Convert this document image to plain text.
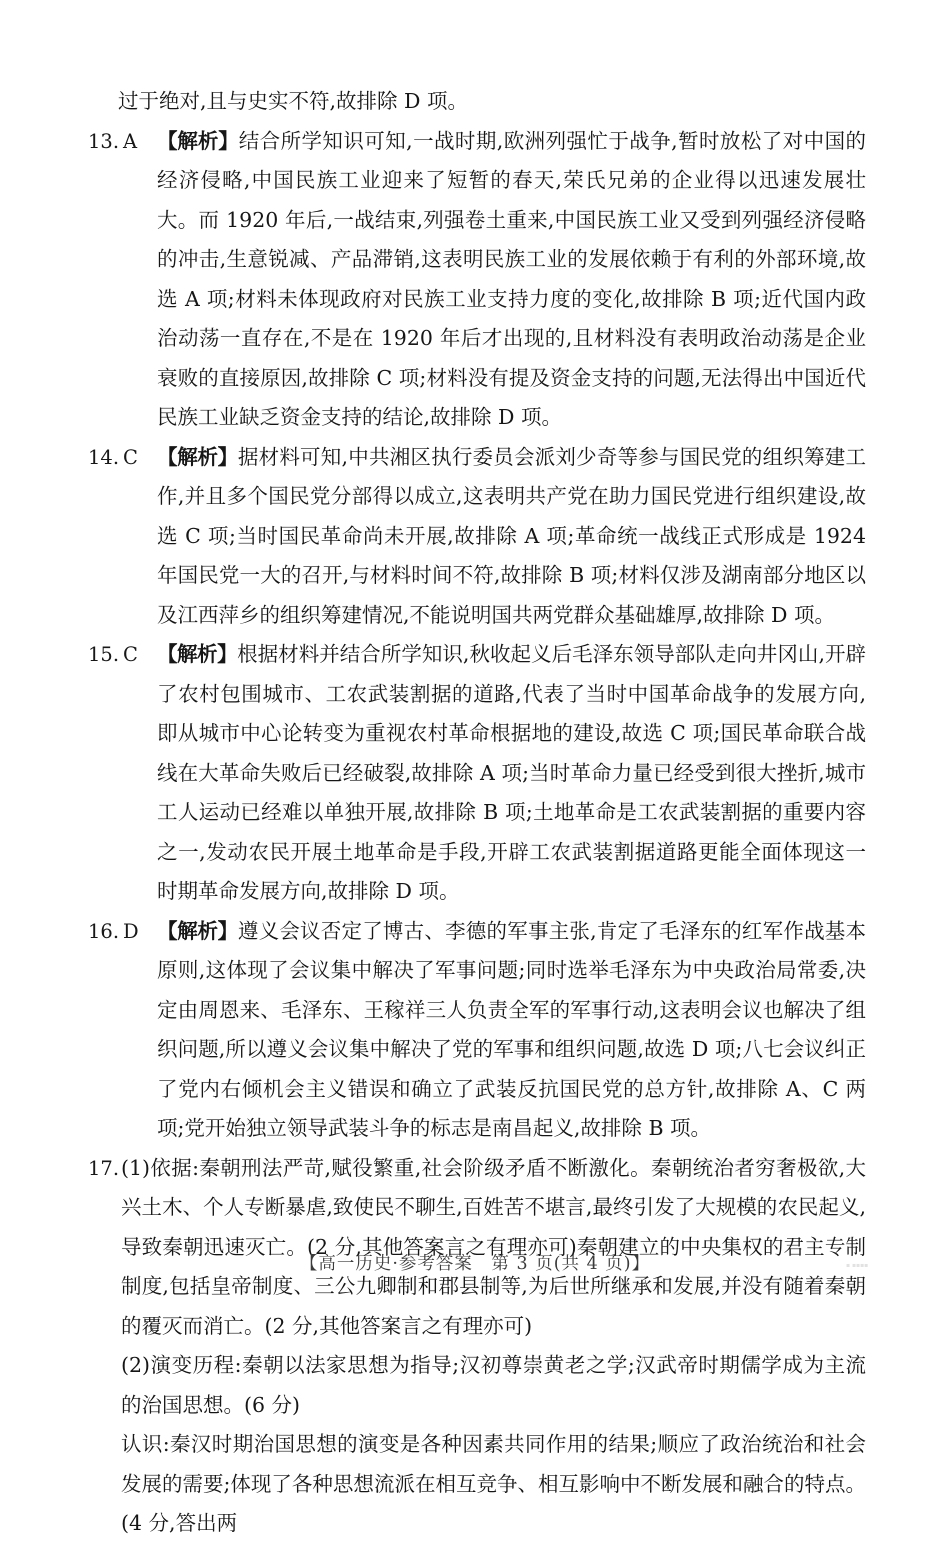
过于绝对,且与史实不符,故排除 D 项。
13. A 【解析】结合所学知识可知,一战时期,欧洲列强忙于战争,暂时放松了对中国的经济侵略,中国民族工业迎来了短暂的春天,荣氏兄弟的企业得以迅速发展壮大。而 1920 年后,一战结束,列强卷土重来,中国民族工业又受到列强经济侵略的冲击,生意锐减、产品滞销,这表明民族工业的发展依赖于有利的外部环境,故选 A 项;材料未体现政府对民族工业支持力度的变化,故排除 B 项;近代国内政治动荡一直存在,不是在 1920 年后才出现的,且材料没有表明政治动荡是企业衰败的直接原因,故排除 C 项;材料没有提及资金支持的问题,无法得出中国近代民族工业缺乏资金支持的结论,故排除 D 项。
14. C 【解析】据材料可知,中共湘区执行委员会派刘少奇等参与国民党的组织筹建工作,并且多个国民党分部得以成立,这表明共产党在助力国民党进行组织建设,故选 C 项;当时国民革命尚未开展,故排除 A 项;革命统一战线正式形成是 1924 年国民党一大的召开,与材料时间不符,故排除 B 项;材料仅涉及湖南部分地区以及江西萍乡的组织筹建情况,不能说明国共两党群众基础雄厚,故排除 D 项。
15. C 【解析】根据材料并结合所学知识,秋收起义后毛泽东领导部队走向井冈山,开辟了农村包围城市、工农武装割据的道路,代表了当时中国革命战争的发展方向,即从城市中心论转变为重视农村革命根据地的建设,故选 C 项;国民革命联合战线在大革命失败后已经破裂,故排除 A 项;当时革命力量已经受到很大挫折,城市工人运动已经难以单独开展,故排除 B 项;土地革命是工农武装割据的重要内容之一,发动农民开展土地革命是手段,开辟工农武装割据道路更能全面体现这一时期革命发展方向,故排除 D 项。
16. D 【解析】遵义会议否定了博古、李德的军事主张,肯定了毛泽东的红军作战基本原则,这体现了会议集中解决了军事问题;同时选举毛泽东为中央政治局常委,决定由周恩来、毛泽东、王稼祥三人负责全军的军事行动,这表明会议也解决了组织问题,所以遵义会议集中解决了党的军事和组织问题,故选 D 项;八七会议纠正了党内右倾机会主义错误和确立了武装反抗国民党的总方针,故排除 A、C 两项;党开始独立领导武装斗争的标志是南昌起义,故排除 B 项。
17. (1)依据:秦朝刑法严苛,赋役繁重,社会阶级矛盾不断激化。秦朝统治者穷奢极欲,大兴土木、个人专断暴虐,致使民不聊生,百姓苦不堪言,最终引发了大规模的农民起义,导致秦朝迅速灭亡。(2 分,其他答案言之有理亦可)秦朝建立的中央集权的君主专制制度,包括皇帝制度、三公九卿制和郡县制等,为后世所继承和发展,并没有随着秦朝的覆灭而消亡。(2 分,其他答案言之有理亦可)
(2)演变历程:秦朝以法家思想为指导;汉初尊崇黄老之学;汉武帝时期儒学成为主流的治国思想。(6 分)
认识:秦汉时期治国思想的演变是各种因素共同作用的结果;顺应了政治统治和社会发展的需要;体现了各种思想流派在相互竞争、相互影响中不断发展和融合的特点。(4 分,答出两
【高一历史·参考答案　第 3 页(共 4 页)】	▪ ▪▪▪▪
